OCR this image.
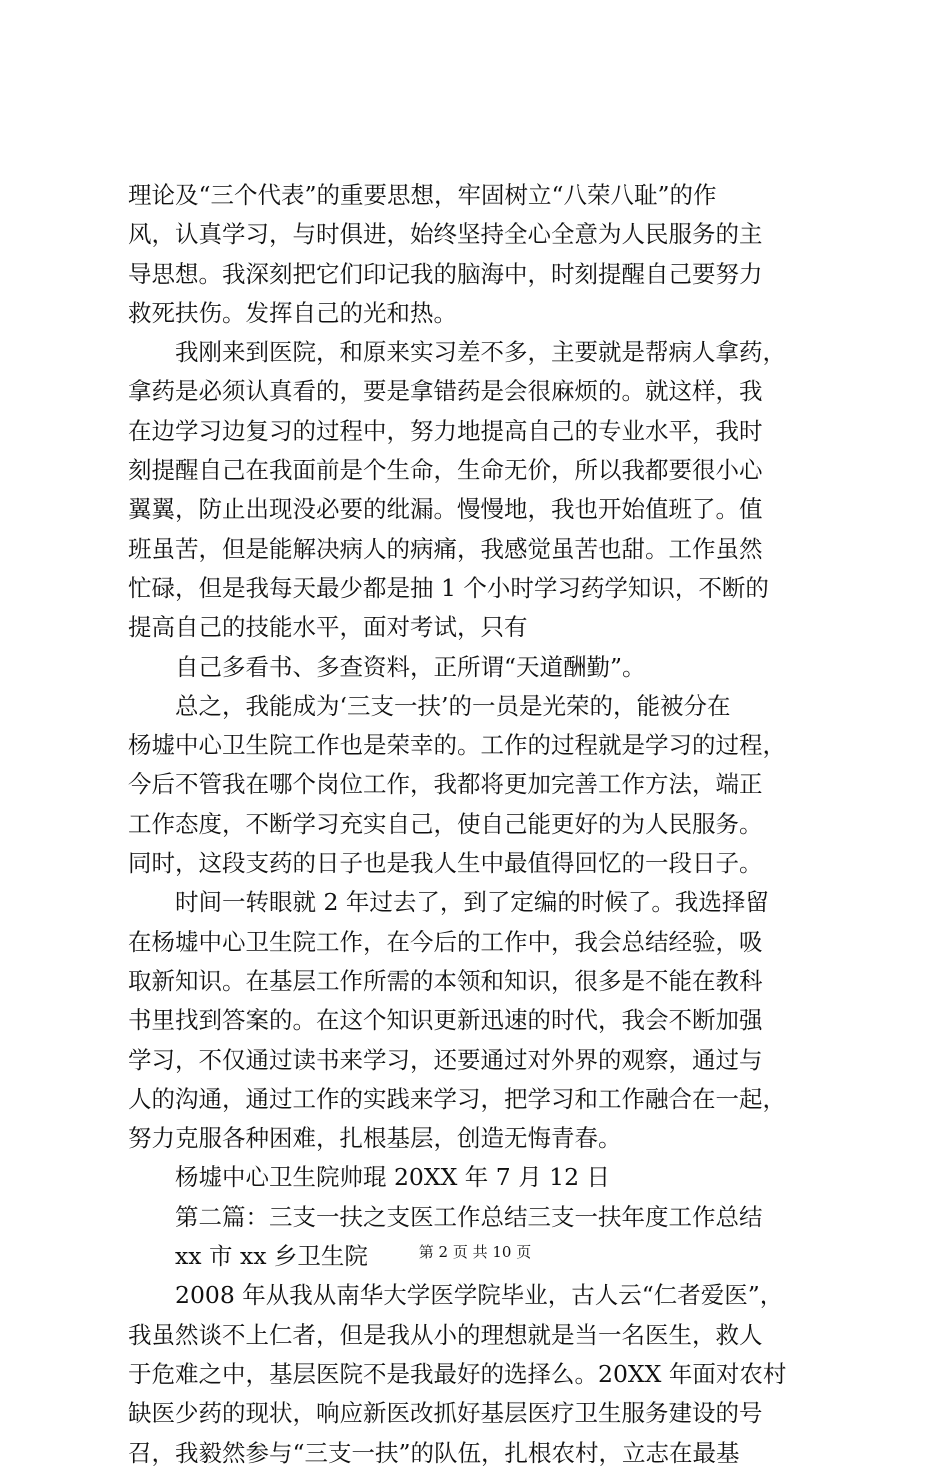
理论及“三个代表”的重要思想，牢固树立“八荣八耻”的作
风，认真学习，与时俱进，始终坚持全心全意为人民服务的主
导思想。我深刻把它们印记我的脑海中，时刻提醒自己要努力
救死扶伤。发挥自己的光和热。
我刚来到医院，和原来实习差不多，主要就是帮病人拿药，
拿药是必须认真看的，要是拿错药是会很麻烦的。就这样，我
在边学习边复习的过程中，努力地提高自己的专业水平，我时
刻提醒自己在我面前是个生命，生命无价，所以我都要很小心
翼翼，防止出现没必要的纰漏。慢慢地，我也开始值班了。值
班虽苦，但是能解决病人的病痛，我感觉虽苦也甜。工作虽然
忙碌，但是我每天最少都是抽 1 个小时学习药学知识，不断的
提高自己的技能水平，面对考试，只有
自己多看书、多查资料，正所谓“天道酬勤”。
总之，我能成为‘三支一扶’的一员是光荣的，能被分在
杨墟中心卫生院工作也是荣幸的。工作的过程就是学习的过程，
今后不管我在哪个岗位工作，我都将更加完善工作方法，端正
工作态度，不断学习充实自己，使自己能更好的为人民服务。
同时，这段支药的日子也是我人生中最值得回忆的一段日子。
时间一转眼就 2 年过去了，到了定编的时候了。我选择留
在杨墟中心卫生院工作，在今后的工作中，我会总结经验，吸
取新知识。在基层工作所需的本领和知识，很多是不能在教科
书里找到答案的。在这个知识更新迅速的时代，我会不断加强
学习，不仅通过读书来学习，还要通过对外界的观察，通过与
人的沟通，通过工作的实践来学习，把学习和工作融合在一起，
努力克服各种困难，扎根基层，创造无悔青春。
杨墟中心卫生院帅琨 20XX 年 7 月 12 日
第二篇：三支一扶之支医工作总结三支一扶年度工作总结
xx 市 xx 乡卫生院
2008 年从我从南华大学医学院毕业，古人云“仁者爱医”，
我虽然谈不上仁者，但是我从小的理想就是当一名医生，救人
于危难之中，基层医院不是我最好的选择么。20XX 年面对农村
缺医少药的现状，响应新医改抓好基层医疗卫生服务建设的号
召，我毅然参与“三支一扶”的队伍，扎根农村，立志在最基
第 2 页 共 10 页
